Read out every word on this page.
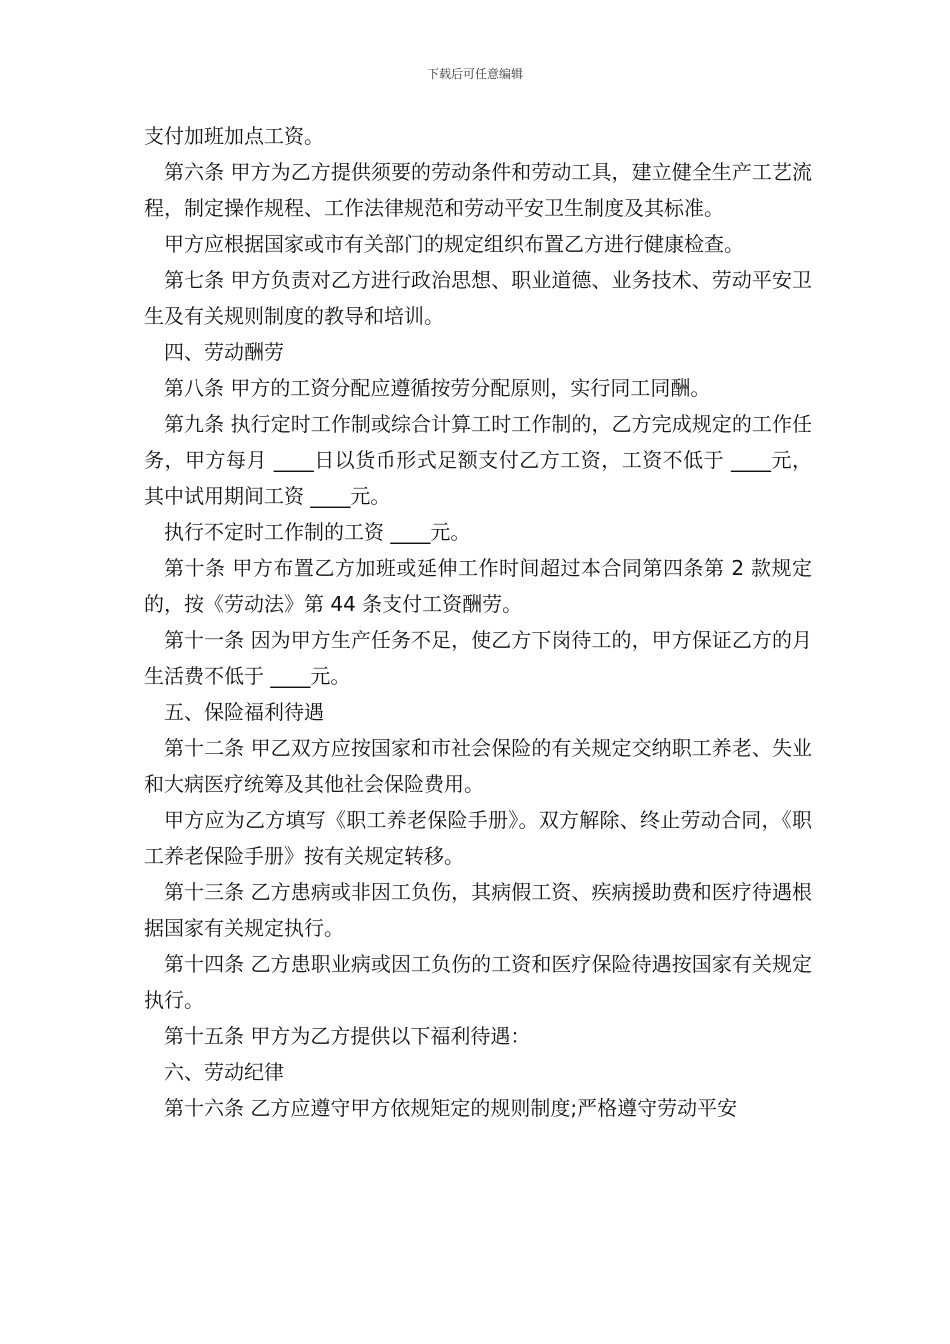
下载后可任意编辑

支付加班加点工资。

第六条 甲方为乙方提供须要的劳动条件和劳动工具，建立健全生产工艺流程，制定操作规程、工作法律规范和劳动平安卫生制度及其标准。

甲方应根据国家或市有关部门的规定组织布置乙方进行健康检查。

第七条 甲方负责对乙方进行政治思想、职业道德、业务技术、劳动平安卫生及有关规则制度的教导和培训。

四、劳动酬劳

第八条 甲方的工资分配应遵循按劳分配原则，实行同工同酬。

第九条 执行定时工作制或综合计算工时工作制的，乙方完成规定的工作任务，甲方每月 ____日以货币形式足额支付乙方工资，工资不低于 ____元，其中试用期间工资 ____元。

执行不定时工作制的工资 ____元。

第十条 甲方布置乙方加班或延伸工作时间超过本合同第四条第 2 款规定的，按《劳动法》第 44 条支付工资酬劳。

第十一条 因为甲方生产任务不足，使乙方下岗待工的，甲方保证乙方的月生活费不低于 ____元。

五、保险福利待遇

第十二条 甲乙双方应按国家和市社会保险的有关规定交纳职工养老、失业和大病医疗统筹及其他社会保险费用。

甲方应为乙方填写《职工养老保险手册》。双方解除、终止劳动合同，《职工养老保险手册》按有关规定转移。

第十三条 乙方患病或非因工负伤，其病假工资、疾病援助费和医疗待遇根据国家有关规定执行。

第十四条 乙方患职业病或因工负伤的工资和医疗保险待遇按国家有关规定执行。

第十五条 甲方为乙方提供以下福利待遇：

六、劳动纪律

第十六条 乙方应遵守甲方依规矩定的规则制度;严格遵守劳动平安
